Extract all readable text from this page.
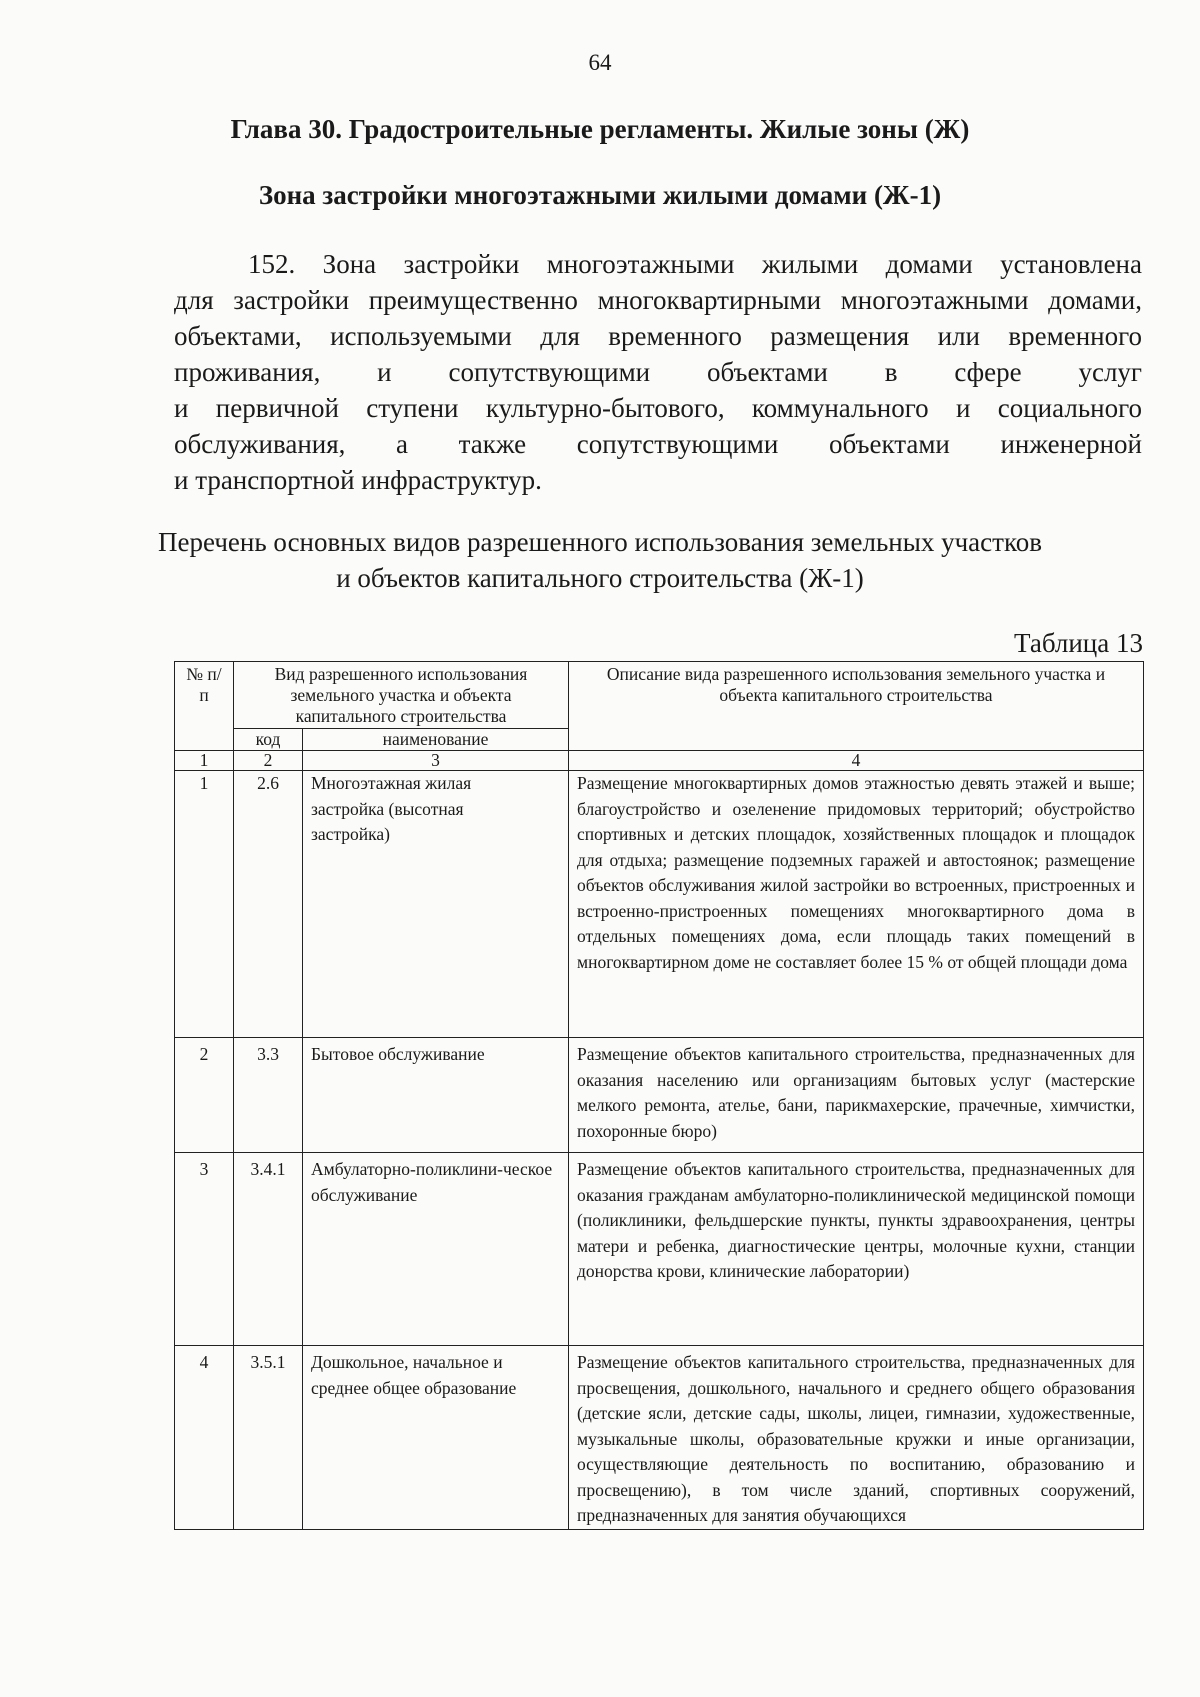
64
Глава 30. Градостроительные регламенты. Жилые зоны (Ж)
Зона застройки многоэтажными жилыми домами (Ж-1)
152. Зона застройки многоэтажными жилыми домами установлена
для застройки преимущественно многоквартирными многоэтажными домами,
объектами, используемыми для временного размещения или временного
проживания, и сопутствующими объектами в сфере услуг
и первичной ступени культурно-бытового, коммунального и социального
обслуживания, а также сопутствующими объектами инженерной
и транспортной инфраструктур.
Перечень основных видов разрешенного использования земельных участков
и объектов капитального строительства (Ж-1)
Таблица 13
№ п/п	Вид разрешенного использования земельного участка и объекта капитального строительства		Описание вида разрешенного использования земельного участка и объекта капитального строительства
	код	наименование	
1	2	3	4
1	2.6	Многоэтажная жилая застройка (высотная застройка)	Размещение многоквартирных домов этажностью девять этажей и выше; благоустройство и озеленение придомовых территорий; обустройство спортивных и детских площадок, хозяйственных площадок и площадок для отдыха; размещение подземных гаражей и автостоянок; размещение объектов обслуживания жилой застройки во встроенных, пристроенных и встроенно-пристроенных помещениях многоквартирного дома в отдельных помещениях дома, если площадь таких помещений в многоквартирном доме не составляет более 15 % от общей площади дома
2	3.3	Бытовое обслуживание	Размещение объектов капитального строительства, предназначенных для оказания населению или организациям бытовых услуг (мастерские мелкого ремонта, ателье, бани, парикмахерские, прачечные, химчистки, похоронные бюро)
3	3.4.1	Амбулаторно-поликлини-ческое обслуживание	Размещение объектов капитального строительства, предназначенных для оказания гражданам амбулаторно-поликлинической медицинской помощи (поликлиники, фельдшерские пункты, пункты здравоохранения, центры матери и ребенка, диагностические центры, молочные кухни, станции донорства крови, клинические лаборатории)
4	3.5.1	Дошкольное, начальное и среднее общее образование	Размещение объектов капитального строительства, предназначенных для просвещения, дошкольного, начального и среднего общего образования (детские ясли, детские сады, школы, лицеи, гимназии, художественные, музыкальные школы, образовательные кружки и иные организации, осуществляющие деятельность по воспитанию, образованию и просвещению), в том числе зданий, спортивных сооружений, предназначенных для занятия обучающихся
